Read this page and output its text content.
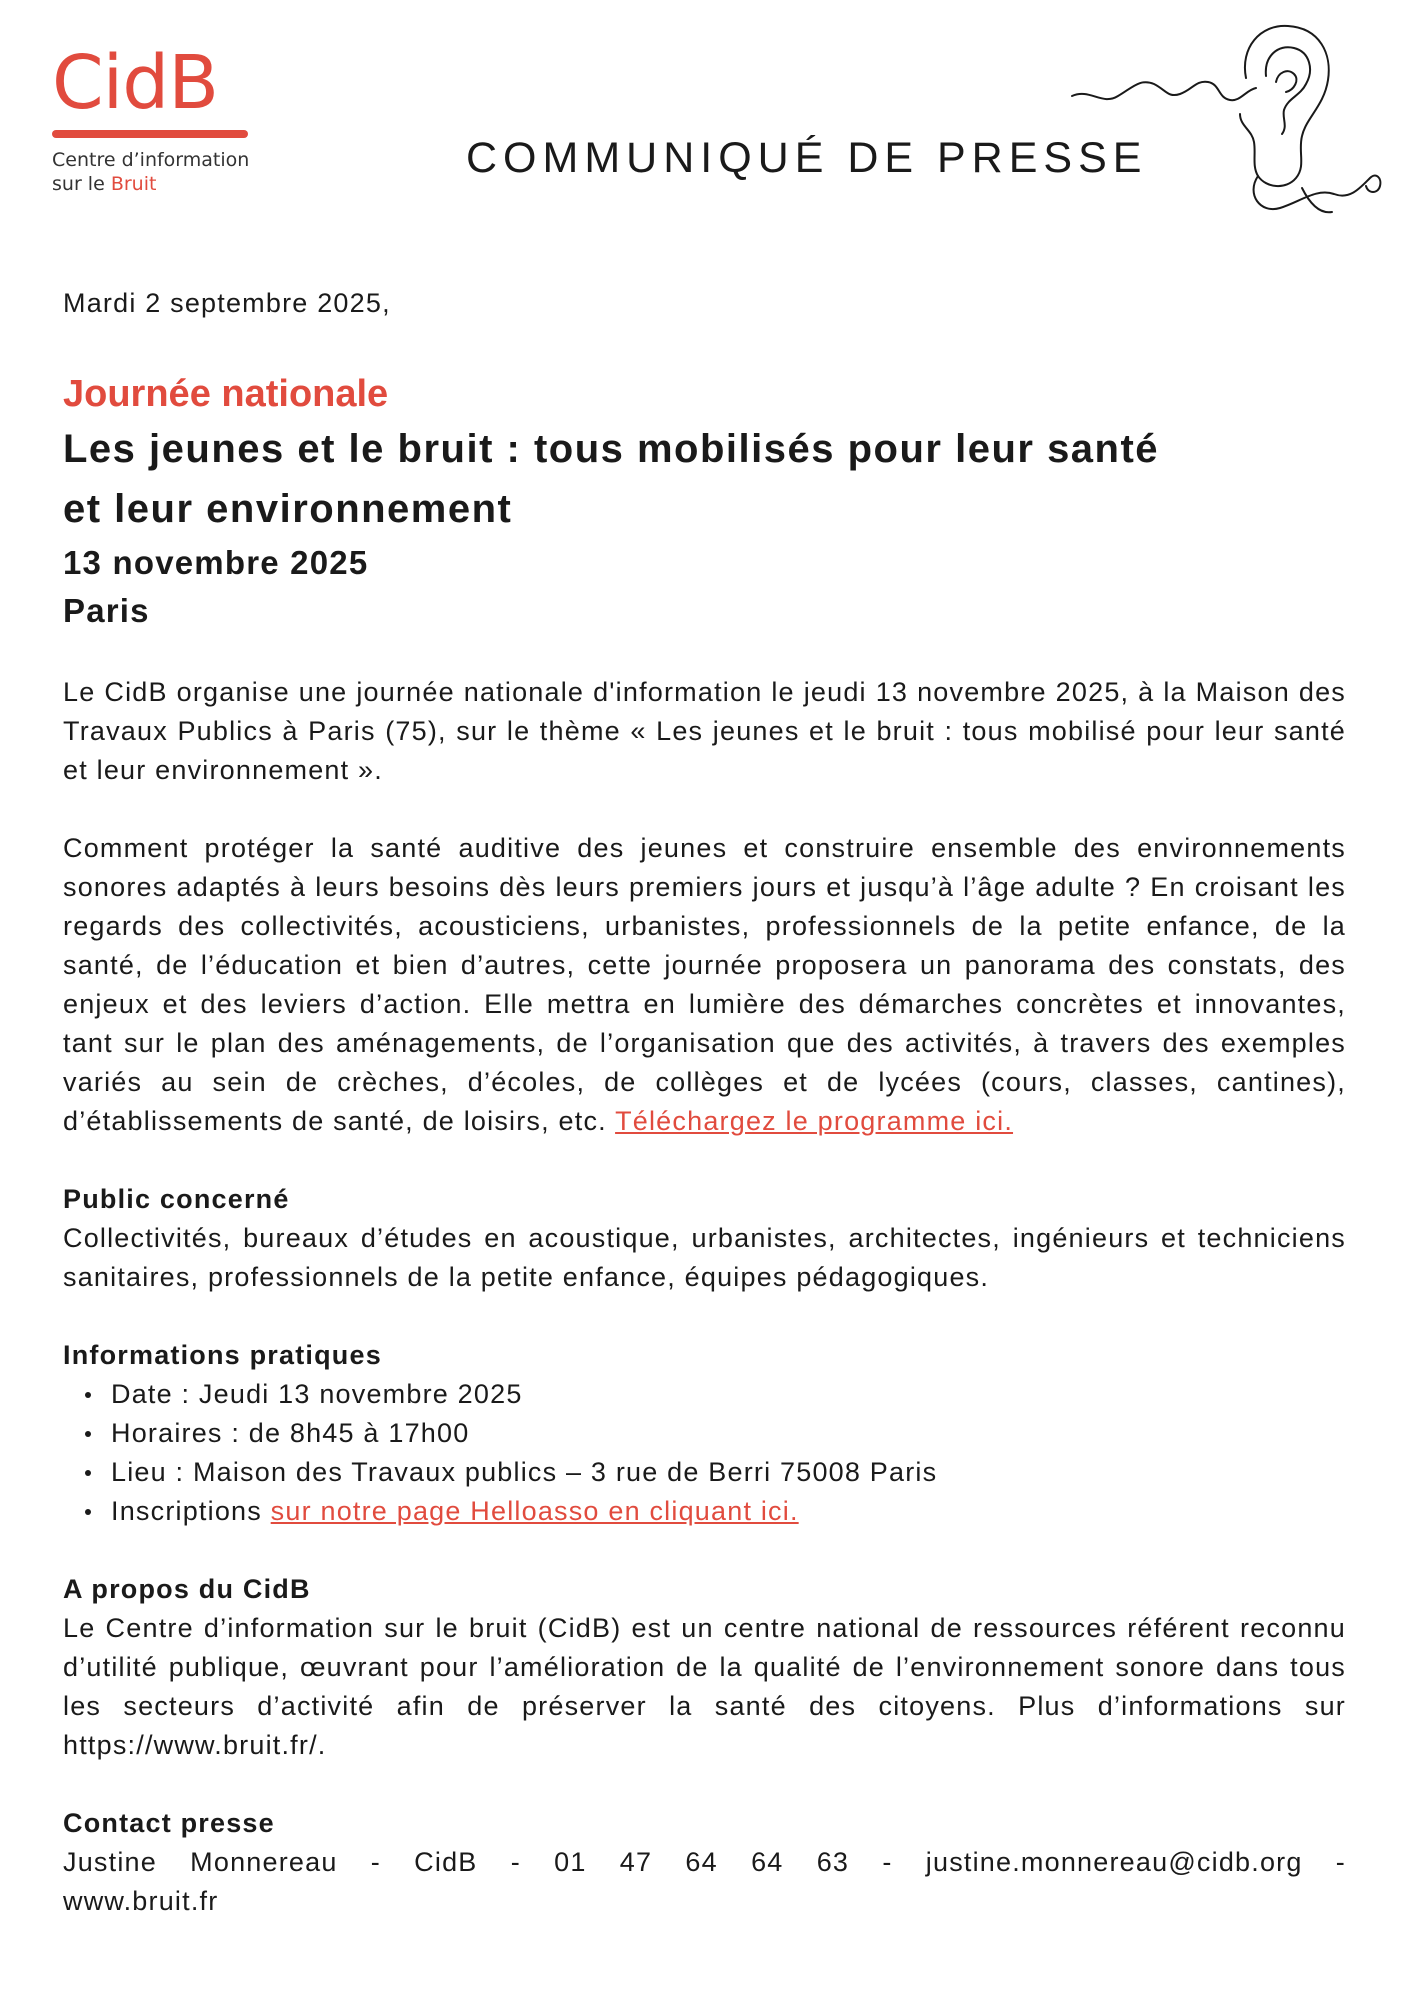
CidB
Centre d’information
sur le Bruit
COMMUNIQUÉ DE PRESSE

Mardi 2 septembre 2025,

Journée nationale

Les jeunes et le bruit : tous mobilisés pour leur santé

et leur environnement

13 novembre 2025

Paris

Le CidB organise une journée nationale d'information le jeudi 13 novembre 2025, à la Maison des Travaux Publics à Paris (75), sur le thème « Les jeunes et le bruit : tous mobilisé pour leur santé et leur environnement ».

Comment protéger la santé auditive des jeunes et construire ensemble des environnements sonores adaptés à leurs besoins dès leurs premiers jours et jusqu’à l’âge adulte ? En croisant les regards des collectivités, acousticiens, urbanistes, professionnels de la petite enfance, de la santé, de l’éducation et bien d’autres, cette journée proposera un panorama des constats, des enjeux et des leviers d’action. Elle mettra en lumière des démarches concrètes et innovantes, tant sur le plan des aménagements, de l’organisation que des activités, à travers des exemples variés au sein de crèches, d’écoles, de collèges et de lycées (cours, classes, cantines), d’établissements de santé, de loisirs, etc. Téléchargez le programme ici.

Public concerné

Collectivités, bureaux d’études en acoustique, urbanistes, architectes, ingénieurs et techniciens sanitaires, professionnels de la petite enfance, équipes pédagogiques.

Informations pratiques

Date : Jeudi 13 novembre 2025
Horaires : de 8h45 à 17h00
Lieu : Maison des Travaux publics – 3 rue de Berri 75008 Paris
Inscriptions sur notre page Helloasso en cliquant ici.

A propos du CidB

Le Centre d’information sur le bruit (CidB) est un centre national de ressources référent reconnu d’utilité publique, œuvrant pour l’amélioration de la qualité de l’environnement sonore dans tous les secteurs d’activité afin de préserver la santé des citoyens. Plus d’informations sur https://www.bruit.fr/.

Contact presse

Justine Monnereau - CidB - 01 47 64 64 63 - justine.monnereau@cidb.org -

www.bruit.fr
